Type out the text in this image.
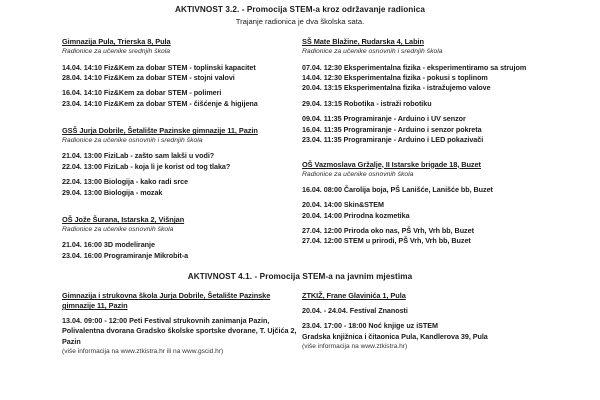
AKTIVNOST 3.2. - Promocija STEM-a kroz održavanje radionica
Trajanje radionica je dva školska sata.
Gimnazija Pula, Trierska 8, Pula
Radionice za učenike srednjih škola
14.04. 14:10 Fiz&Kem za dobar STEM - toplinski kapacitet
28.04. 14:10 Fiz&Kem za dobar STEM - stojni valovi
16.04. 14:10 Fiz&Kem za dobar STEM - polimeri
23.04. 14:10 Fiz&Kem za dobar STEM - čišćenje & higijena
GSŠ Jurja Dobrile, Šetalište Pazinske gimnazije 11, Pazin
Radionice za učenike osnovnih i srednjih škola
21.04. 13:00 FiziLab - zašto sam lakši u vodi?
22.04. 13:00 FiziLab - koja li je korist od tog tlaka?
22.04. 13:00 Biologija - kako radi srce
29.04. 13:00 Biologija - mozak
OŠ Jože Šurana, Istarska 2, Višnjan
Radionice za učenike osnovnih škola
21.04. 16:00 3D modeliranje
23.04. 16:00 Programiranje Mikrobit-a
SŠ Mate Blažine, Rudarska 4, Labin
Radionice za učenike osnovnih i srednjih škola
07.04. 12:30 Eksperimentalna fizika - eksperimentiramo sa strujom
14.04. 12:30 Eksperimentalna fizika - pokusi s toplinom
20.04. 13:15 Eksperimentalna fizika - istražujemo valove
29.04. 13:15 Robotika - istraži robotiku
09.04. 11:35 Programiranje - Arduino i UV senzor
16.04. 11:35 Programiranje - Arduino i senzor pokreta
23.04. 11:35 Programiranje - Arduino i LED pokazivači
OŠ Vazmoslava Gržalje, II Istarske brigade 18, Buzet
Radionice za učenike osnovnih škola
16.04. 08:00 Čarolija boja, PŠ Lanišće, Lanišće bb, Buzet
20.04. 14:00 Skin&STEM
20.04. 14:00 Prirodna kozmetika
27.04. 12:00 Priroda oko nas, PŠ Vrh, Vrh bb, Buzet
27.04. 12:00 STEM u prirodi, PŠ Vrh, Vrh bb, Buzet
AKTIVNOST 4.1. - Promocija STEM-a na javnim mjestima
Gimnazija i strukovna škola Jurja Dobrile, Šetalište Pazinske gimnazije 11, Pazin
13.04. 09:00 - 12:00 Peti Festival strukovnih zanimanja Pazin, Polivalentna dvorana Gradsko školske sportske dvorane, T. Ujčića 2, Pazin
(više informacija na www.ztkistra.hr ili na www.gscid.hr)
ZTKIŽ, Frane Glavinića 1, Pula
20.04. - 24.04. Festival Znanosti
23.04. 17:00 - 18:00 Noć knjige uz iSTEM
Gradska knjižnica i čitaonica Pula, Kandlerova 39, Pula
(više informacija na www.ztkistra.hr)
